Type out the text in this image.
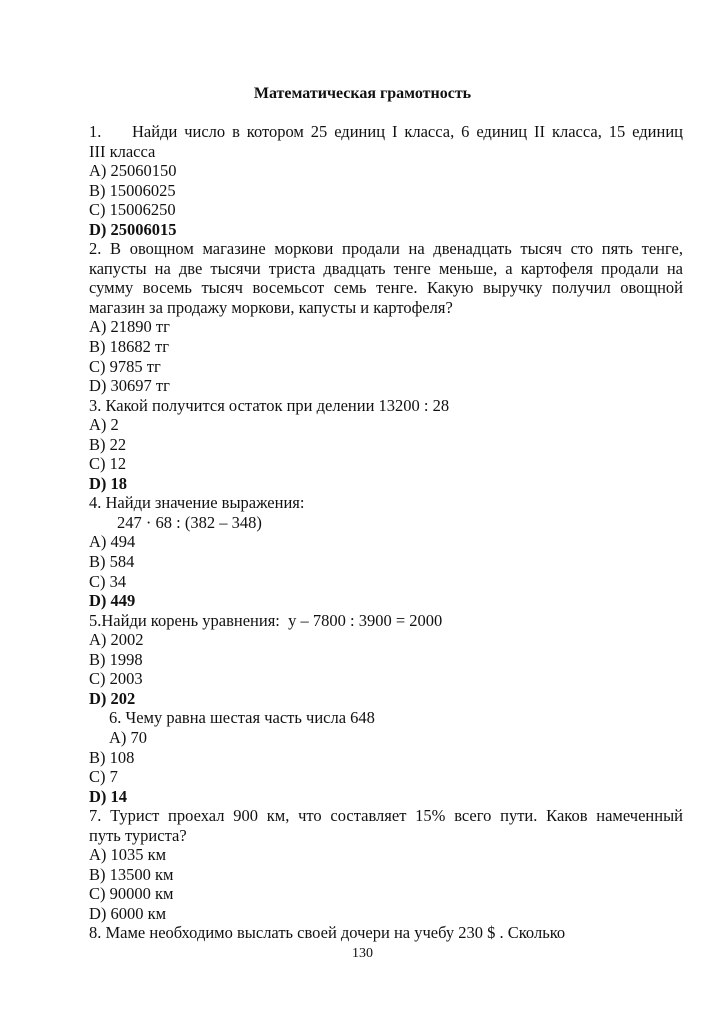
Математическая грамотность
1. Найди число в котором 25 единиц I класса, 6 единиц II класса, 15 единиц
III класса
A) 25060150
B) 15006025
C) 15006250
D) 25006015
2. В овощном магазине моркови продали на двенадцать тысяч сто пять тенге,
капусты на две тысячи триста двадцать тенге меньше, а картофеля продали на
сумму восемь тысяч восемьсот семь тенге. Какую выручку получил овощной
магазин за продажу моркови, капусты и картофеля?
A) 21890 тг
B) 18682 тг
C) 9785 тг
D) 30697 тг
3. Какой получится остаток при делении 13200 : 28
A) 2
B) 22
C) 12
D) 18
4. Найди значение выражения:
247 · 68 : (382 – 348)
A) 494
B) 584
C) 34
D) 449
5.Найди корень уравнения: у – 7800 : 3900 = 2000
A) 2002
B) 1998
C) 2003
D) 202
6. Чему равна шестая часть числа 648
A) 70
B) 108
C) 7
D) 14
7. Турист проехал 900 км, что составляет 15% всего пути. Каков намеченный
путь туриста?
A) 1035 км
B) 13500 км
C) 90000 км
D) 6000 км
8. Маме необходимо выслать своей дочери на учебу 230 $ . Сколько
130
